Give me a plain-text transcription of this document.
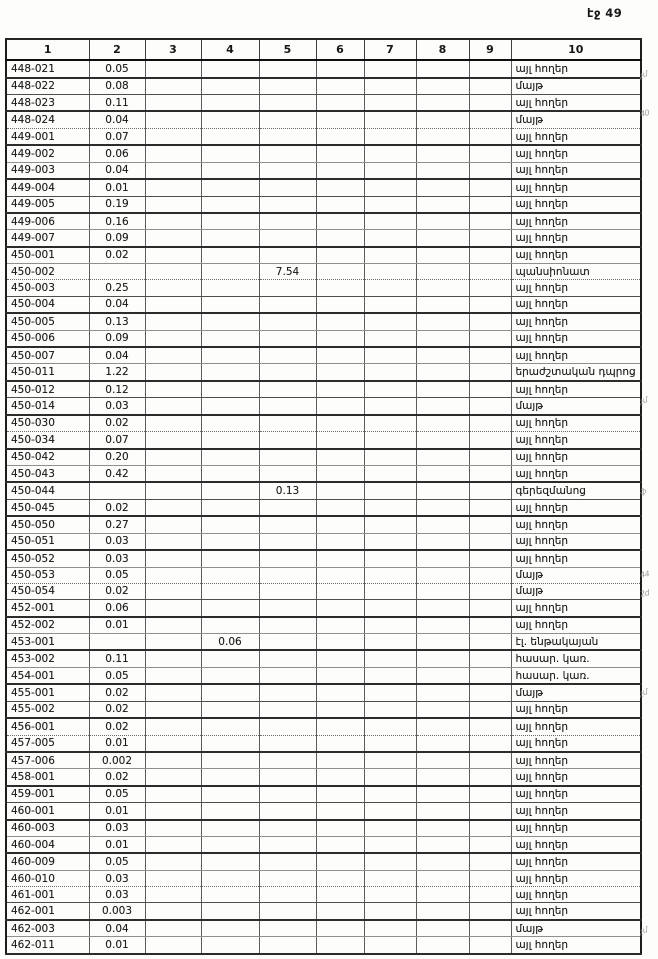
էջ 49
1	2	3	4	5	6	7	8	9	10
448-021	0.05								այլ հողեր
448-022	0.08								մայթ
448-023	0.11								այլ հողեր
448-024	0.04								մայթ
449-001	0.07								այլ հողեր
449-002	0.06								այլ հողեր
449-003	0.04								այլ հողեր
449-004	0.01								այլ հողեր
449-005	0.19								այլ հողեր
449-006	0.16								այլ հողեր
449-007	0.09								այլ հողեր
450-001	0.02								այլ հողեր
450-002				7.54					պանսիոնատ
450-003	0.25								այլ հողեր
450-004	0.04								այլ հողեր
450-005	0.13								այլ հողեր
450-006	0.09								այլ հողեր
450-007	0.04								այլ հողեր
450-011	1.22								երաժշտական դպրոց
450-012	0.12								այլ հողեր
450-014	0.03								մայթ
450-030	0.02								այլ հողեր
450-034	0.07								այլ հողեր
450-042	0.20								այլ հողեր
450-043	0.42								այլ հողեր
450-044				0.13					գերեզմանոց
450-045	0.02								այլ հողեր
450-050	0.27								այլ հողեր
450-051	0.03								այլ հողեր
450-052	0.03								այլ հողեր
450-053	0.05								մայթ
450-054	0.02								մայթ
452-001	0.06								այլ հողեր
452-002	0.01								այլ հողեր
453-001			0.06						էլ. ենթակայան
453-002	0.11								հասար. կառ.
454-001	0.05								հասար. կառ.
455-001	0.02								մայթ
455-002	0.02								այլ հողեր
456-001	0.02								այլ հողեր
457-005	0.01								այլ հողեր
457-006	0.002								այլ հողեր
458-001	0.02								այլ հողեր
459-001	0.05								այլ հողեր
460-001	0.01								այլ հողեր
460-003	0.03								այլ հողեր
460-004	0.01								այլ հողեր
460-009	0.05								այլ հողեր
460-010	0.03								այլ հողեր
461-001	0.03								այլ հողեր
462-001	0.003								այլ հողեր
462-003	0.04								մայթ
462-011	0.01								այլ հողեր
չմ
40
չմ
ֆ
44
2d
չմ
չմ
